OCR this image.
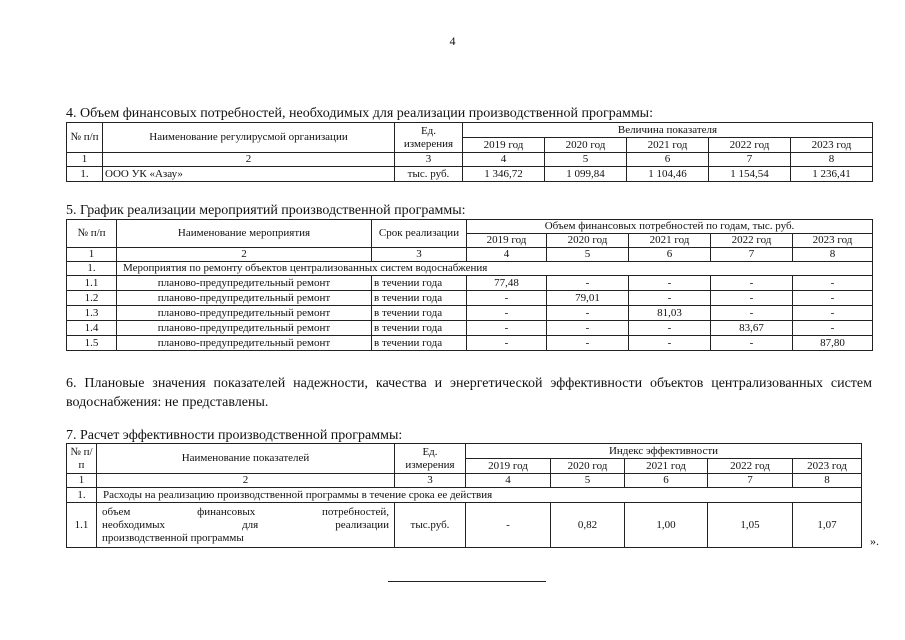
4
4. Объем финансовых потребностей, необходимых для реализации производственной программы:
№ п/п	Наименование регулирусмой организации	Ед. измерения	Величина показателя				
			2019 год	2020 год	2021 год	2022 год	2023 год
1	2	3	4	5	6	7	8
1.	ООО УК «Азау»	тыс. руб.	1 346,72	1 099,84	1 104,46	1 154,54	1 236,41
5. График реализации мероприятий производственной программы:
№ п/п	Наименование мероприятия	Срок реализации	Объем финансовых потребностей по годам, тыс. руб.				
			2019 год	2020 год	2021 год	2022 год	2023 год
1	2	3	4	5	6	7	8
1.	Мероприятия по ремонту объектов централизованных систем водоснабжения						
1.1	планово-предупредительный ремонт	в течении года	77,48	-	-	-	-
1.2	планово-предупредительный ремонт	в течении года	-	79,01	-	-	-
1.3	планово-предупредительный ремонт	в течении года	-	-	81,03	-	-
1.4	планово-предупредительный ремонт	в течении года	-	-	-	83,67	-
1.5	планово-предупредительный ремонт	в течении года	-	-	-	-	87,80
6. Плановые значения показателей надежности, качества и энергетической эффективности объектов централизованных систем водоснабжения: не представлены.
7. Расчет эффективности производственной программы:
№ п/п	Наименование показателей	Ед. измерения	Индекс эффективности				
			2019 год	2020 год	2021 год	2022 год	2023 год
1	2	3	4	5	6	7	8
1.	Расходы на реализацию производственной программы в течение срока ее действия						
1.1	объем финансовых потребностей,
необходимых для реализации
производственной программы	тыс.руб.	-	0,82	1,00	1,05	1,07
».
